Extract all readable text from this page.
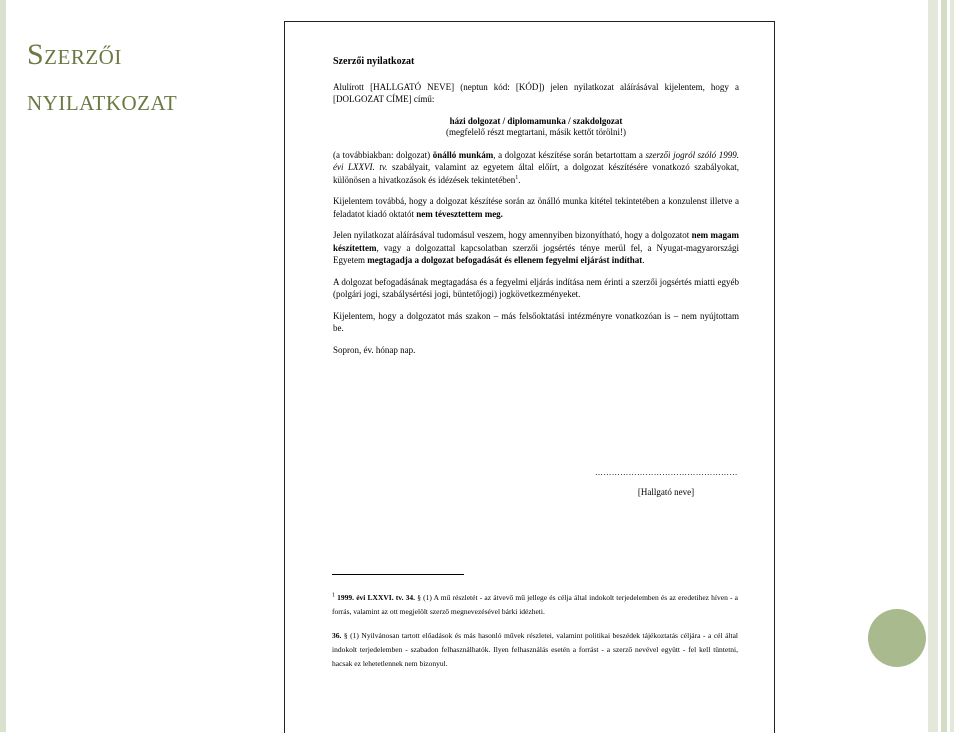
Szerzői
nyilatkozat
Szerzői nyilatkozat

Alulírott [HALLGATÓ NEVE] (neptun kód: [KÓD]) jelen nyilatkozat aláírásával kijelentem, hogy a [DOLGOZAT CÍME] című:

házi dolgozat / diplomamunka / szakdolgozat
(megfelelő részt megtartani, másik kettőt törölni!)

(a továbbiakban: dolgozat) önálló munkám, a dolgozat készítése során betartottam a szerzői jogról szóló 1999. évi LXXVI. tv. szabályait, valamint az egyetem által előírt, a dolgozat készítésére vonatkozó szabályokat, különösen a hivatkozások és idézések tekintetében$^1$.

Kijelentem továbbá, hogy a dolgozat készítése során az önálló munka kitétel tekintetében a konzulenst illetve a feladatot kiadó oktatót nem tévesztettem meg.

Jelen nyilatkozat aláírásával tudomásul veszem, hogy amennyiben bizonyítható, hogy a dolgozatot nem magam készítettem, vagy a dolgozattal kapcsolatban szerzői jogsértés ténye merül fel, a Nyugat-magyarországi Egyetem megtagadja a dolgozat befogadását és ellenem fegyelmi eljárást indíthat.

A dolgozat befogadásának megtagadása és a fegyelmi eljárás indítása nem érinti a szerzői jogsértés miatti egyéb (polgári jogi, szabálysértési jogi, büntetőjogi) jogkövetkezményeket.

Kijelentem, hogy a dolgozatot más szakon – más felsőoktatási intézményre vonatkozóan is – nem nyújtottam be.

Sopron, év. hónap nap.

……………………………………………
[Hallgató neve]

$^1$ 1999. évi LXXVI. tv. 34. § (1) A mű részletét - az átvevő mű jellege és célja által indokolt terjedelemben és az eredetihez híven - a forrás, valamint az ott megjelölt szerző megnevezésével bárki idézheti.

36. § (1) Nyilvánosan tartott előadások és más hasonló művek részletei, valamint politikai beszédek tájékoztatás céljára - a cél által indokolt terjedelemben - szabadon felhasználhatók. Ilyen felhasználás esetén a forrást - a szerző nevével együtt - fel kell tüntetni, hacsak ez lehetetlennek nem bizonyul.
